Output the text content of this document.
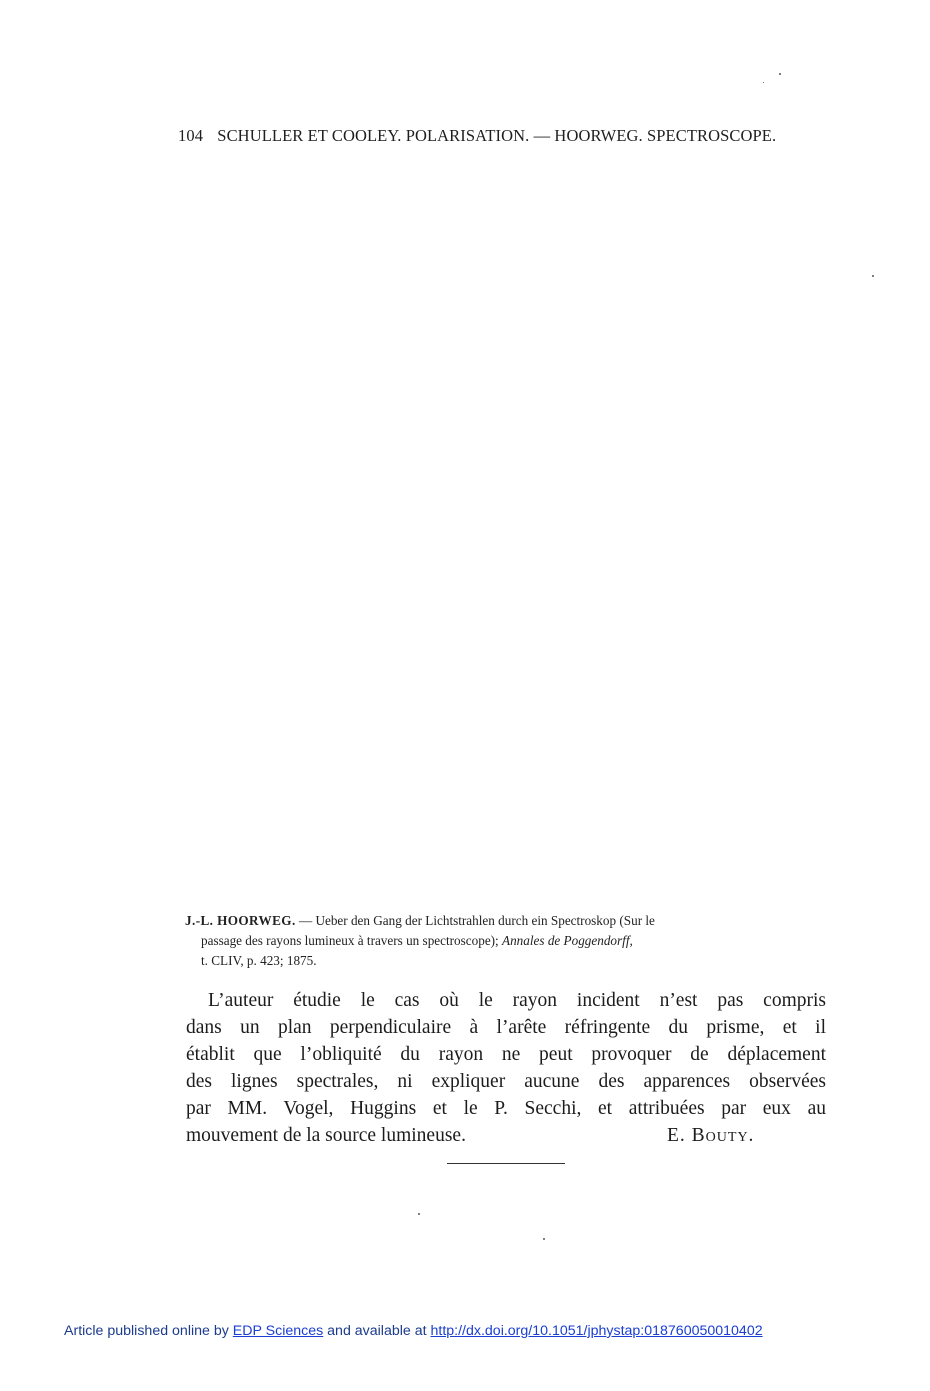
104 SCHULLER ET COOLEY. POLARISATION. — HOORWEG. SPECTROSCOPE.

J.-L. HOORWEG. — Ueber den Gang der Lichtstrahlen durch ein Spectroskop (Sur le

passage des rayons lumineux à travers un spectroscope); Annales de Poggendorff,

t. CLIV, p. 423; 1875.

L’auteur étudie le cas où le rayon incident n’est pas compris
dans un plan perpendiculaire à l’arête réfringente du prisme, et il
établit que l’obliquité du rayon ne peut provoquer de déplacement
des lignes spectrales, ni expliquer aucune des apparences observées
par MM. Vogel, Huggins et le P. Secchi, et attribuées par eux au
mouvement de la source lumineuse.	E. Bouty.
Article published online by EDP Sciences and available at http://dx.doi.org/10.1051/jphystap:018760050010402
